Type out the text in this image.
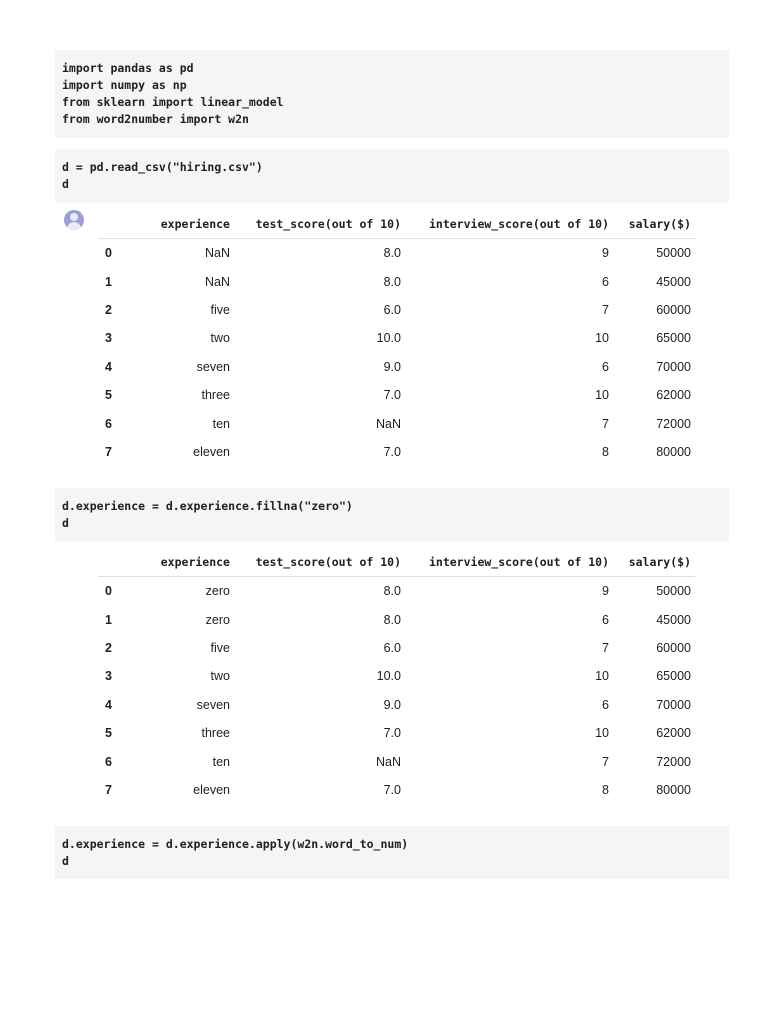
import pandas as pd
import numpy as np
from sklearn import linear_model
from word2number import w2n
d = pd.read_csv("hiring.csv")
d
	experience	test_score(out of 10)	interview_score(out of 10)	salary($)
0	NaN	8.0	9	50000
1	NaN	8.0	6	45000
2	five	6.0	7	60000
3	two	10.0	10	65000
4	seven	9.0	6	70000
5	three	7.0	10	62000
6	ten	NaN	7	72000
7	eleven	7.0	8	80000
d.experience = d.experience.fillna("zero")
d
	experience	test_score(out of 10)	interview_score(out of 10)	salary($)
0	zero	8.0	9	50000
1	zero	8.0	6	45000
2	five	6.0	7	60000
3	two	10.0	10	65000
4	seven	9.0	6	70000
5	three	7.0	10	62000
6	ten	NaN	7	72000
7	eleven	7.0	8	80000
d.experience = d.experience.apply(w2n.word_to_num)
d
